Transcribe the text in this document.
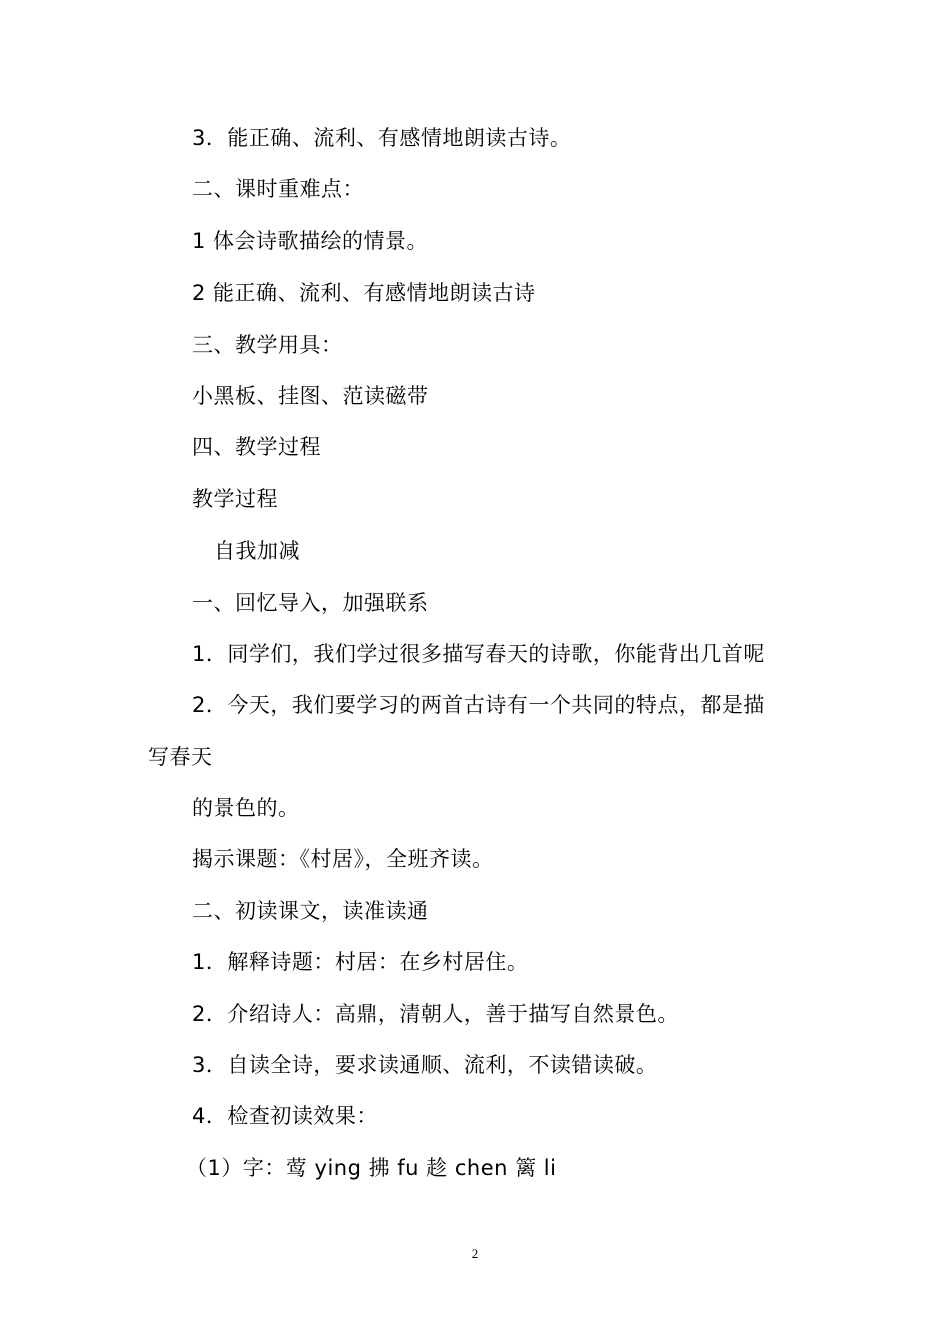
3．能正确、流利、有感情地朗读古诗。
二、课时重难点：
1 体会诗歌描绘的情景。
2 能正确、流利、有感情地朗读古诗
三、教学用具：
小黑板、挂图、范读磁带
四、教学过程
教学过程
自我加减
一、回忆导入，加强联系
1．同学们，我们学过很多描写春天的诗歌，你能背出几首呢
2．今天，我们要学习的两首古诗有一个共同的特点，都是描
写春天
的景色的。
揭示课题：《村居》，全班齐读。
二、初读课文，读准读通
1．解释诗题：村居：在乡村居住。
2．介绍诗人：高鼎，清朝人，善于描写自然景色。
3．自读全诗，要求读通顺、流利，不读错读破。
4．检查初读效果：
（1）字：莺 ying 拂 fu 趁 chen 篱 li
2
